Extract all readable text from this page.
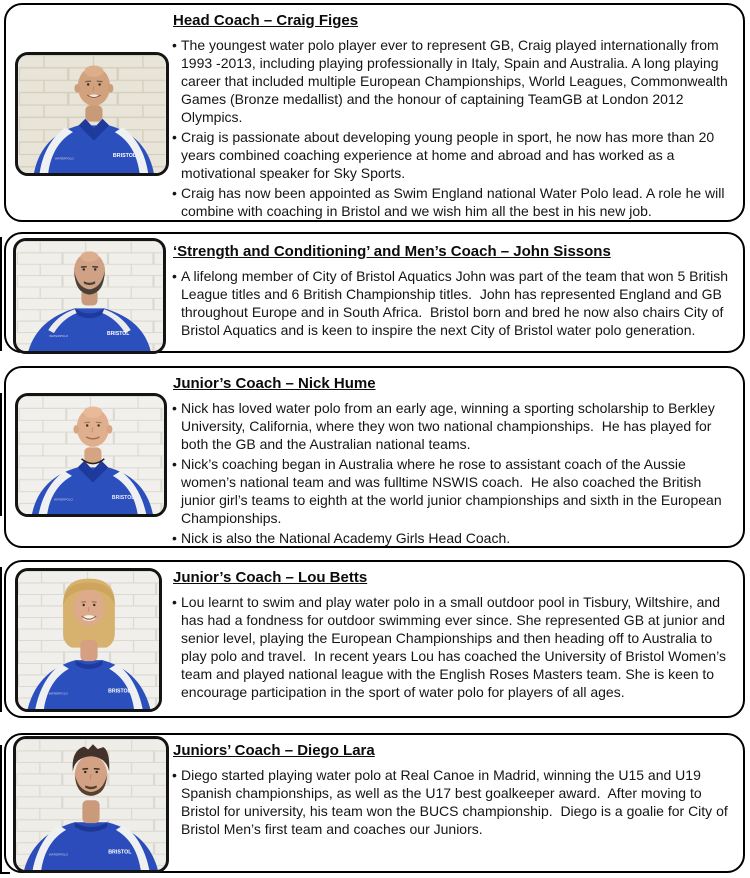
WATERPOLO	BRISTOL
Head Coach – Craig Figes
• The youngest water polo player ever to represent GB, Craig played internationally from 1993 -2013, including playing professionally in Italy, Spain and Australia. A long playing career that included multiple European Championships, World Leagues, Commonwealth Games (Bronze medallist) and the honour of captaining TeamGB at London 2012 Olympics.
• Craig is passionate about developing young people in sport, he now has more than 20 years combined coaching experience at home and abroad and has worked as a motivational speaker for Sky Sports.
• Craig has now been appointed as Swim England national Water Polo lead. A role he will combine with coaching in Bristol and we wish him all the best in his new job.
WATERPOLO	BRISTOL
‘Strength and Conditioning’ and Men’s Coach – John Sissons
• A lifelong member of City of Bristol Aquatics John was part of the team that won 5 British League titles and 6 British Championship titles.  John has represented England and GB throughout Europe and in South Africa.  Bristol born and bred he now also chairs City of Bristol Aquatics and is keen to inspire the next City of Bristol water polo generation.
WATERPOLO	BRISTOL
Junior’s Coach – Nick Hume
• Nick has loved water polo from an early age, winning a sporting scholarship to Berkley University, California, where they won two national championships.  He has played for both the GB and the Australian national teams.
• Nick’s coaching began in Australia where he rose to assistant coach of the Aussie women’s national team and was fulltime NSWIS coach.  He also coached the British junior girl’s teams to eighth at the world junior championships and sixth in the European Championships.
• Nick is also the National Academy Girls Head Coach.
WATERPOLO	BRISTOL
Junior’s Coach – Lou Betts
• Lou learnt to swim and play water polo in a small outdoor pool in Tisbury, Wiltshire, and has had a fondness for outdoor swimming ever since. She represented GB at junior and senior level, playing the European Championships and then heading off to Australia to play polo and travel.  In recent years Lou has coached the University of Bristol Women’s team and played national league with the English Roses Masters team. She is keen to encourage participation in the sport of water polo for players of all ages.
WATERPOLO	BRISTOL
Juniors’ Coach – Diego Lara
• Diego started playing water polo at Real Canoe in Madrid, winning the U15 and U19 Spanish championships, as well as the U17 best goalkeeper award.  After moving to Bristol for university, his team won the BUCS championship.  Diego is a goalie for City of Bristol Men’s first team and coaches our Juniors.
